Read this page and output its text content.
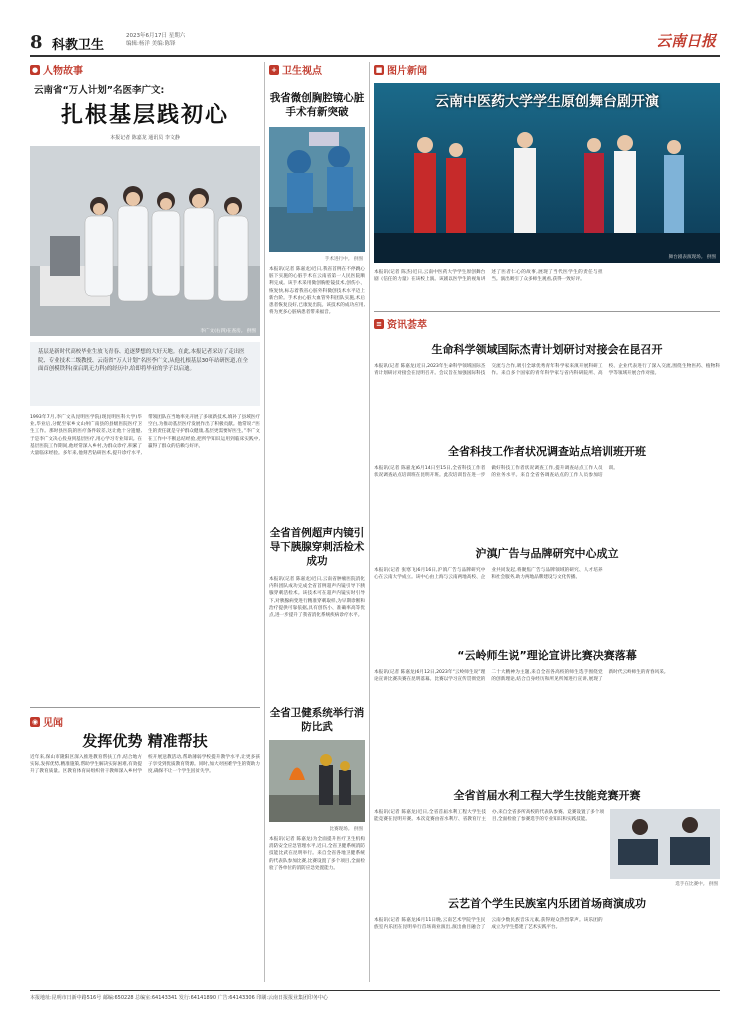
8 科教卫生
2023年6月17日 星期六
编辑:杨洋 美编:陈锋	云南日报
● 人物故事
云南省“万人计划”名医李广文:
扎根基层践初心
本报记者 陈嘉龙 通讯员 李文静
李广文(右四)在查房。 供图
基层是新时代高校毕业生放飞青春、追逐梦想的大好天地。在此,本报记者采访了走出医院、专业技术二级教授、云南省“万人计划”名医李广文,从他扎根基层30年站研医道,在全面首创模铁科(童启肌无力科)的经历中,给即将毕业的学子以启迪。
1993年7月,李广文从昆明医学院(现昆明医科大学)毕业,毕业后,分配至家乡文山州广南县的县级医院医疗卫生工作。那时县医院的医疗条件较差,这让他十分遗憾,于是李广文决心投身到基层医疗,用心学习专业知识。在基层医院工作期间,他经常深入乡村,为群众诊疗,积累了大量临床经验。多年来,他刻苦钻研医术,提升诊疗水平,带领团队在当地率先开展了多项新技术,填补了县域医疗空白,为推动基层医疗发展作出了积极贡献。他常说:“医生的责任就是守护群众健康,基层更需要好医生。”李广文在工作中不断总结经验,把所学知识运用到临床实践中,赢得了群众的信赖与好评。
◉ 见闻
发挥优势 精准帮扶
近年来,保山市隆阳区深入推进教育帮扶工作,结合地方实际,发挥优势,精准施策,帮助学生解决实际困难,有效提升了教育质量。区教育体育局组织骨干教师深入乡村学校开展送教活动,帮助薄弱学校提升教学水平,让更多孩子享受到优质教育资源。同时,加大对困难学生的资助力度,确保不让一个学生因贫失学。
+ 卫生视点
我省微创胸腔镜心脏手术有新突破
手术进行中。 供图
本报讯(记者 陈嘉龙)近日,我省首例在不停跳心脏下实施的心脏手术在云南省第一人民医院顺利完成。该手术采用微创胸腔镜技术,创伤小、恢复快,标志着我省心脏外科微创技术水平迈上新台阶。手术由心脏大血管外科团队实施,术后患者恢复良好,已康复出院。该技术的成功应用,将为更多心脏病患者带来福音。
全省首例超声内镜引导下胰腺穿刺活检术成功
本报讯(记者 陈嘉龙)近日,云南省肿瘤医院消化内科团队成功完成全省首例超声内镜引导下胰腺穿刺活检术。该技术可在超声内镜实时引导下,对胰腺病变进行精准穿刺取样,为早期诊断和治疗提供可靠依据,具有创伤小、准确率高等优点,进一步提升了我省消化系统疾病诊疗水平。
全省卫健系统举行消防比武
比赛现场。 供图
本报讯(记者 陈嘉龙)为全面提升医疗卫生机构消防安全应急管理水平,近日,全省卫健系统消防技能比武在昆明举行。来自全省各地卫健系统的代表队参加比赛,比赛设置了多个项目,全面检验了各单位的消防应急处置能力。
■ 图片新闻
云南中医药大学学生原创舞台剧开演
舞台剧表演现场。 供图
本报讯(记者 陈杰)近日,云南中医药大学学生原创舞台剧《信任的力量》在该校上演。该剧以医学生的视角讲述了医者仁心的故事,展现了当代医学生的责任与担当。演出吸引了众多师生观看,获得一致好评。
≡ 资讯荟萃
生命科学领域国际杰青计划研讨对接会在昆召开
本报讯(记者 陈嘉龙)近日,2023年生命科学领域国际杰青计划研讨对接会在昆明召开。会议旨在加强国际科技交流与合作,吸引全球优秀青年科学家来滇开展科研工作。来自多个国家的青年科学家与省内科研院所、高校、企业代表进行了深入交流,围绕生物医药、植物科学等领域开展合作对接。
全省科技工作者状况调查站点培训班开班
本报讯(记者 陈嘉龙)6月14日至15日,全省科技工作者状况调查站点培训班在昆明开班。此次培训旨在进一步做好科技工作者状况调查工作,提升调查站点工作人员的业务水平。来自全省各调查站点的工作人员参加培训。
沪滇广告与品牌研究中心成立
本报讯(记者 张寒飞)6月16日,沪滇广告与品牌研究中心在云南大学成立。该中心由上海与云南两地高校、企业共同发起,将聚焦广告与品牌领域的研究、人才培养和社会服务,助力两地品牌建设与文化传播。
“云岭师生说”理论宣讲比赛决赛落幕
本报讯(记者 陈嘉龙)6月12日,2023年“云岭师生说”理论宣讲比赛决赛在昆明落幕。比赛以学习宣传贯彻党的二十大精神为主题,来自全省各高校的师生选手围绕党的创新理论,结合自身经历和所见所闻进行宣讲,展现了新时代云岭师生的青春风采。
全省首届水利工程大学生技能竞赛开赛
本报讯(记者 陈嘉龙)近日,全省首届水利工程大学生技能竞赛在昆明开赛。本次竞赛由省水利厅、省教育厅主办,来自全省多所高校的代表队参赛。竞赛设置了多个项目,全面检验了参赛选手的专业知识和实践技能。
选手在比赛中。 供图
云艺首个学生民族室内乐团首场商演成功
本报讯(记者 陈嘉龙)6月11日晚,云南艺术学院学生民族室内乐团在昆明举行首场商业演出,演出曲目融合了云南少数民族音乐元素,获得观众热烈掌声。该乐团的成立为学生搭建了艺术实践平台。
本报地址:昆明市日新中路516号 邮编:650228 总编室:64143341 发行:64141890 广告:64143306 印刷:云南日报报业集团印务中心
